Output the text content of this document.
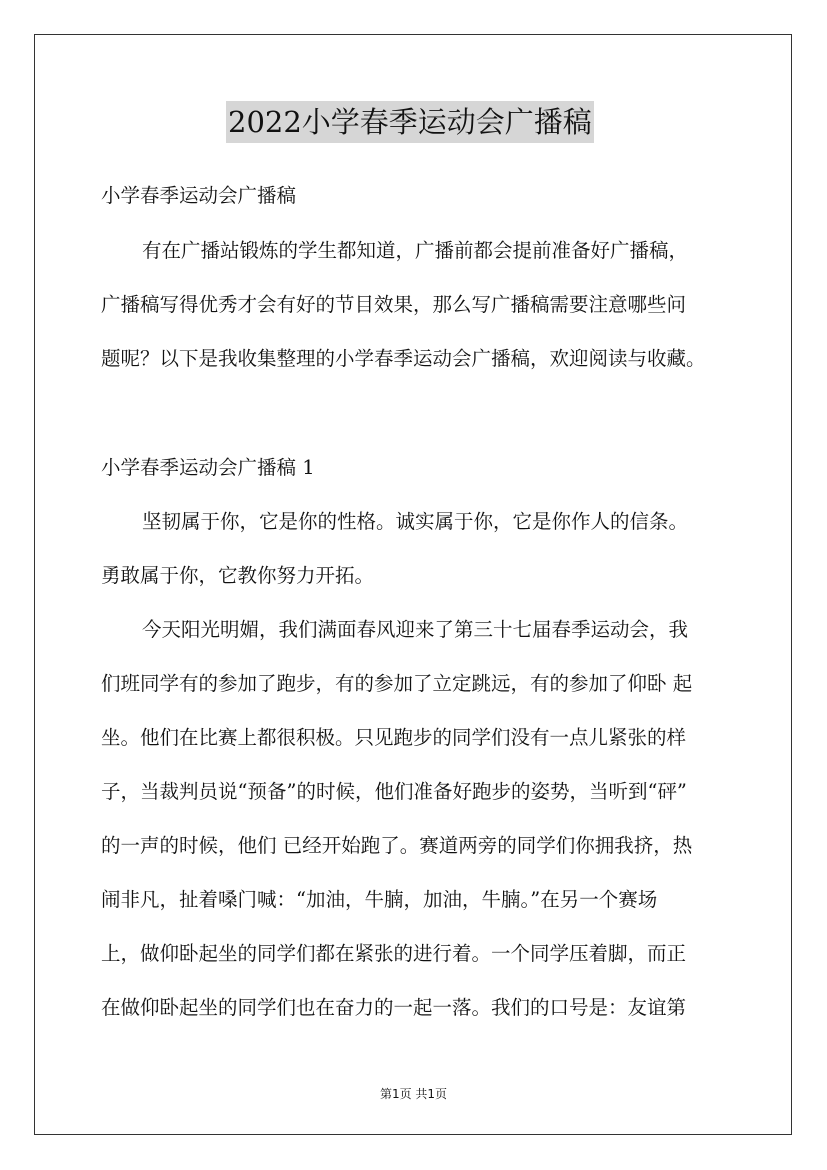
2022小学春季运动会广播稿

小学春季运动会广播稿

有在广播站锻炼的学生都知道，广播前都会提前准备好广播稿，

广播稿写得优秀才会有好的节目效果，那么写广播稿需要注意哪些问

题呢？以下是我收集整理的小学春季运动会广播稿，欢迎阅读与收藏。

小学春季运动会广播稿 1

坚韧属于你，它是你的性格。诚实属于你，它是你作人的信条。

勇敢属于你，它教你努力开拓。

今天阳光明媚，我们满面春风迎来了第三十七届春季运动会，我

们班同学有的参加了跑步，有的参加了立定跳远，有的参加了仰卧 起

坐。他们在比赛上都很积极。只见跑步的同学们没有一点儿紧张的样

子，当裁判员说“预备”的时候，他们准备好跑步的姿势，当听到“砰”

的一声的时候，他们 已经开始跑了。赛道两旁的同学们你拥我挤，热

闹非凡，扯着嗓门喊：“加油，牛腩，加油，牛腩。”在另一个赛场

上，做仰卧起坐的同学们都在紧张的进行着。一个同学压着脚，而正

在做仰卧起坐的同学们也在奋力的一起一落。我们的口号是：友谊第

第1页 共1页
